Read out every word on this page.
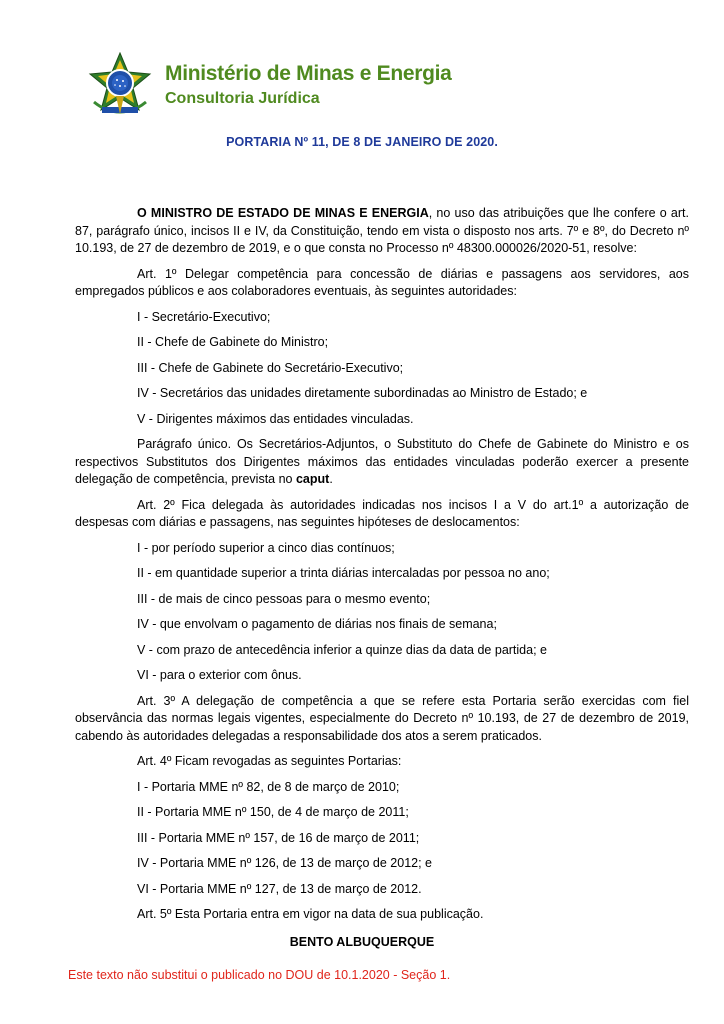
Ministério de Minas e Energia
Consultoria Jurídica
PORTARIA Nº 11, DE 8 DE JANEIRO DE 2020.

O MINISTRO DE ESTADO DE MINAS E ENERGIA, no uso das atribuições que lhe confere o art. 87, parágrafo único, incisos II e IV, da Constituição, tendo em vista o disposto nos arts. 7º e 8º, do Decreto nº 10.193, de 27 de dezembro de 2019, e o que consta no Processo nº 48300.000026/2020-51, resolve:

Art. 1º Delegar competência para concessão de diárias e passagens aos servidores, aos empregados públicos e aos colaboradores eventuais, às seguintes autoridades:

I - Secretário-Executivo;
II - Chefe de Gabinete do Ministro;
III - Chefe de Gabinete do Secretário-Executivo;
IV - Secretários das unidades diretamente subordinadas ao Ministro de Estado; e
V - Dirigentes máximos das entidades vinculadas.

Parágrafo único. Os Secretários-Adjuntos, o Substituto do Chefe de Gabinete do Ministro e os respectivos Substitutos dos Dirigentes máximos das entidades vinculadas poderão exercer a presente delegação de competência, prevista no caput.

Art. 2º Fica delegada às autoridades indicadas nos incisos I a V do art.1º a autorização de despesas com diárias e passagens, nas seguintes hipóteses de deslocamentos:

I - por período superior a cinco dias contínuos;
II - em quantidade superior a trinta diárias intercaladas por pessoa no ano;
III - de mais de cinco pessoas para o mesmo evento;
IV - que envolvam o pagamento de diárias nos finais de semana;
V - com prazo de antecedência inferior a quinze dias da data de partida; e
VI - para o exterior com ônus.

Art. 3º A delegação de competência a que se refere esta Portaria serão exercidas com fiel observância das normas legais vigentes, especialmente do Decreto nº 10.193, de 27 de dezembro de 2019, cabendo às autoridades delegadas a responsabilidade dos atos a serem praticados.

Art. 4º Ficam revogadas as seguintes Portarias:
I - Portaria MME nº 82, de 8 de março de 2010;
II - Portaria MME nº 150, de 4 de março de 2011;
III - Portaria MME nº 157, de 16 de março de 2011;
IV - Portaria MME nº 126, de 13 de março de 2012; e
VI - Portaria MME nº 127, de 13 de março de 2012.
Art. 5º Esta Portaria entra em vigor na data de sua publicação.
BENTO ALBUQUERQUE
Este texto não substitui o publicado no DOU de 10.1.2020 - Seção 1.
